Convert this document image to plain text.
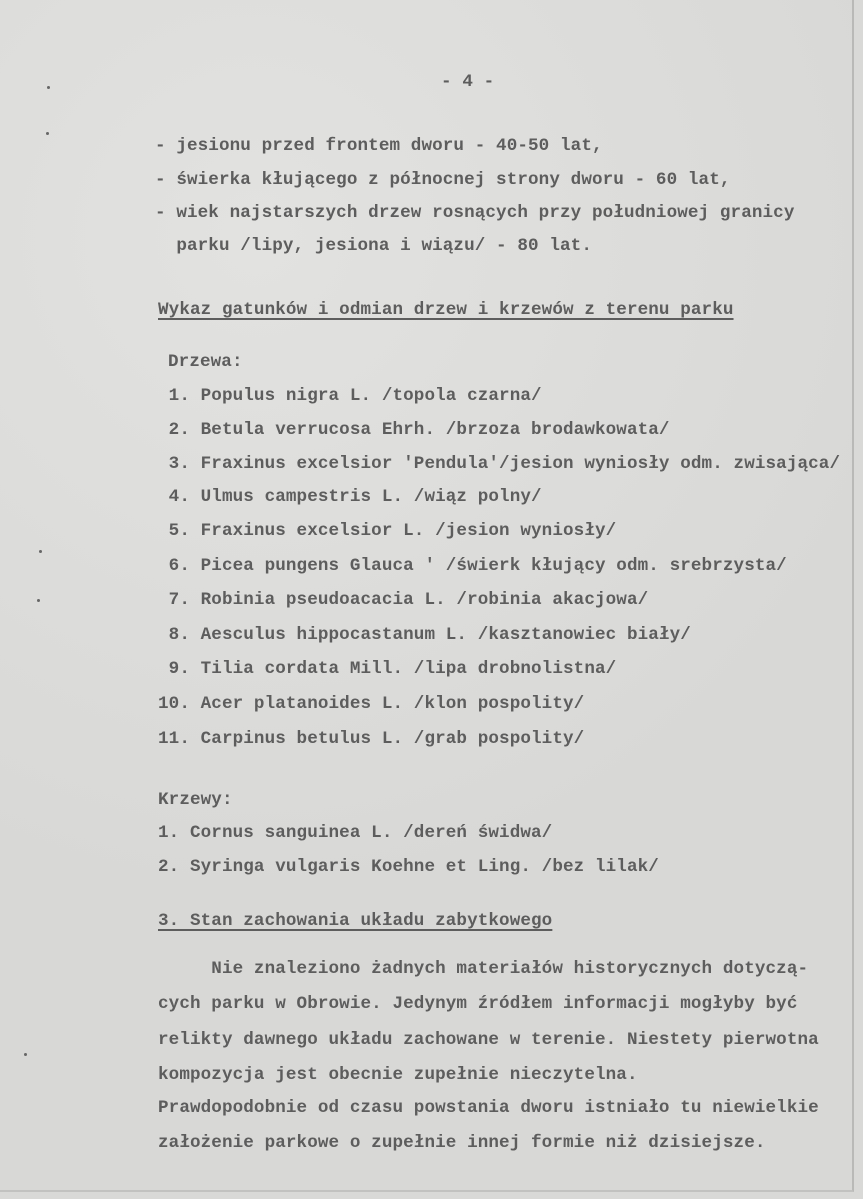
- 4 -
- jesionu przed frontem dworu - 40-50 lat,
- świerka kłującego z północnej strony dworu - 60 lat,
- wiek najstarszych drzew rosnących przy południowej granicy
parku /lipy, jesiona i wiązu/ - 80 lat.
Wykaz gatunków i odmian drzew i krzewów z terenu parku
Drzewa:
1. Populus nigra L. /topola czarna/
2. Betula verrucosa Ehrh. /brzoza brodawkowata/
3. Fraxinus excelsior 'Pendula'/jesion wyniosły odm. zwisająca/
4. Ulmus campestris L. /wiąz polny/
5. Fraxinus excelsior L. /jesion wyniosły/
6. Picea pungens Glauca ' /świerk kłujący odm. srebrzysta/
7. Robinia pseudoacacia L. /robinia akacjowa/
8. Aesculus hippocastanum L. /kasztanowiec biały/
9. Tilia cordata Mill. /lipa drobnolistna/
10. Acer platanoides L. /klon pospolity/
11. Carpinus betulus L. /grab pospolity/
Krzewy:
1. Cornus sanguinea L. /dereń świdwa/
2. Syringa vulgaris Koehne et Ling. /bez lilak/
3. Stan zachowania układu zabytkowego
Nie znaleziono żadnych materiałów historycznych dotyczą-
cych parku w Obrowie. Jedynym źródłem informacji mogłyby być
relikty dawnego układu zachowane w terenie. Niestety pierwotna
kompozycja jest obecnie zupełnie nieczytelna.
Prawdopodobnie od czasu powstania dworu istniało tu niewielkie
założenie parkowe o zupełnie innej formie niż dzisiejsze.
